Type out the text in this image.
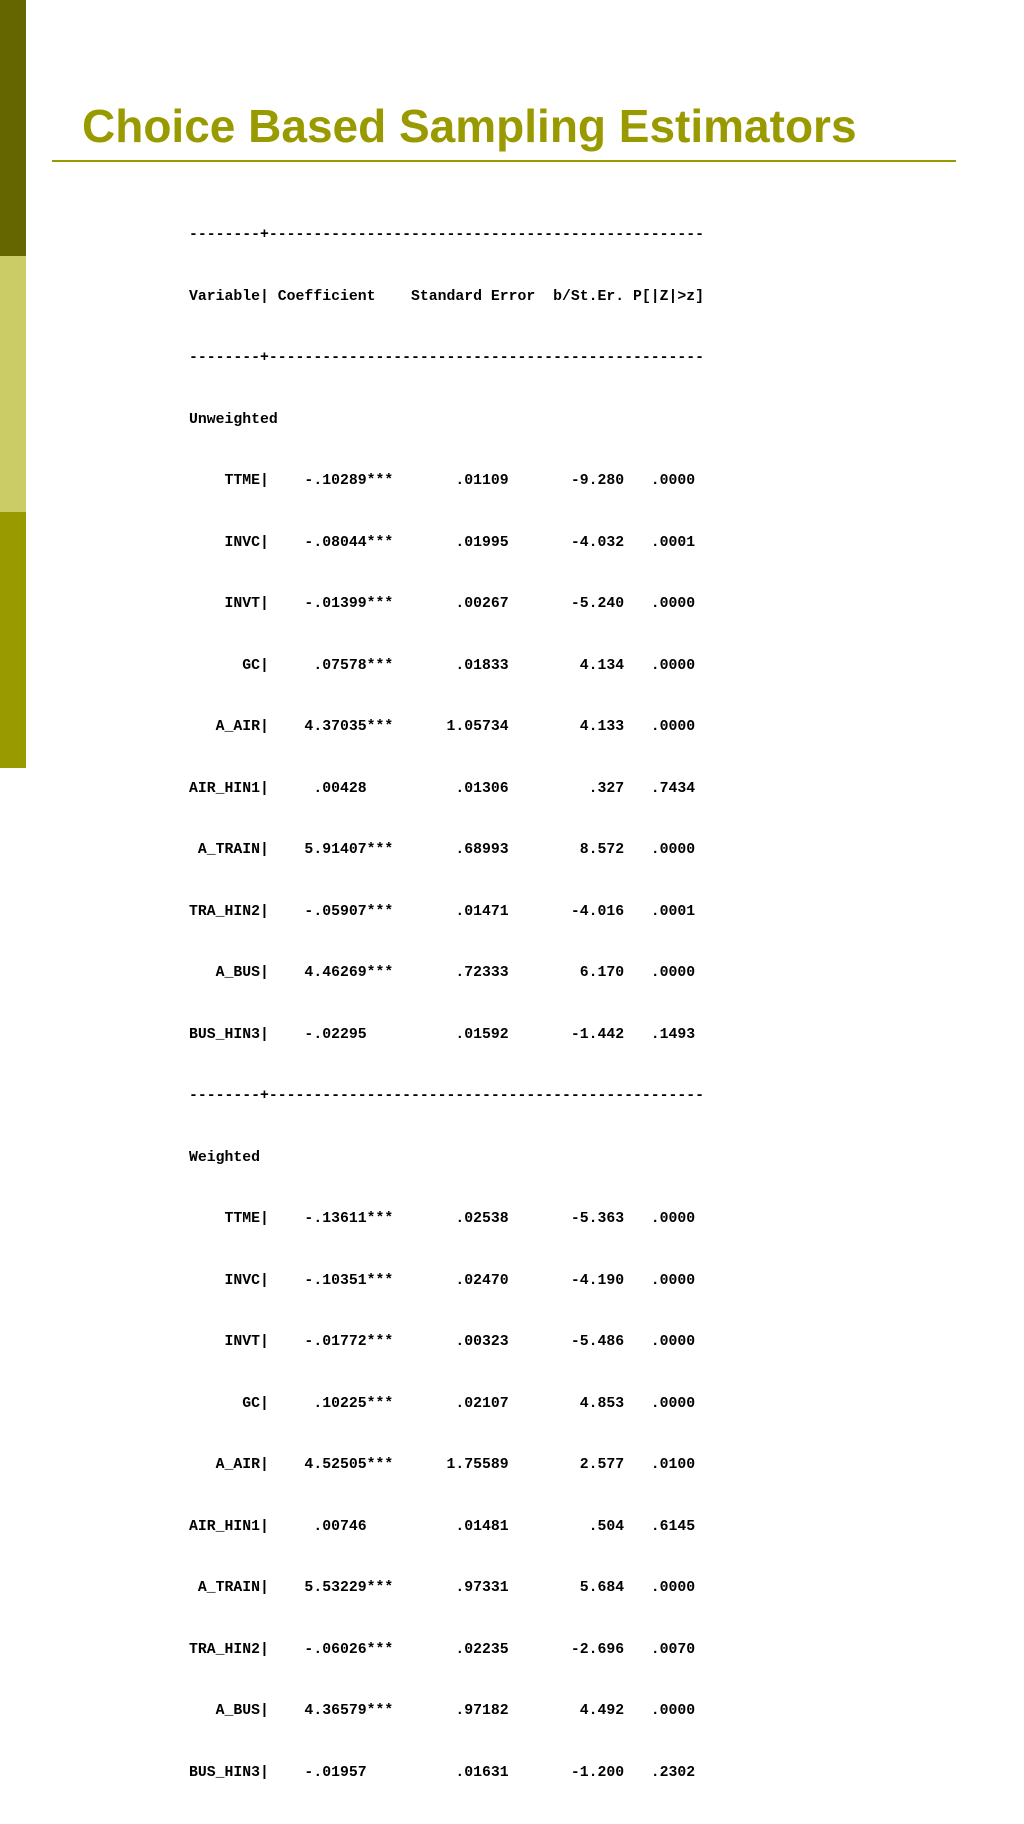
Choice Based Sampling Estimators

--------+-------------------------------------------------

Variable| Coefficient    Standard Error  b/St.Er. P[|Z|>z]

--------+-------------------------------------------------

Unweighted

TTME|    -.10289***       .01109       -9.280   .0000

INVC|    -.08044***       .01995       -4.032   .0001

INVT|    -.01399***       .00267       -5.240   .0000

GC|     .07578***       .01833        4.134   .0000

A_AIR|    4.37035***      1.05734        4.133   .0000

AIR_HIN1|     .00428          .01306         .327   .7434

A_TRAIN|    5.91407***       .68993        8.572   .0000

TRA_HIN2|    -.05907***       .01471       -4.016   .0001

A_BUS|    4.46269***       .72333        6.170   .0000

BUS_HIN3|    -.02295          .01592       -1.442   .1493

--------+-------------------------------------------------

Weighted

TTME|    -.13611***       .02538       -5.363   .0000

INVC|    -.10351***       .02470       -4.190   .0000

INVT|    -.01772***       .00323       -5.486   .0000

GC|     .10225***       .02107        4.853   .0000

A_AIR|    4.52505***      1.75589        2.577   .0100

AIR_HIN1|     .00746          .01481         .504   .6145

A_TRAIN|    5.53229***       .97331        5.684   .0000

TRA_HIN2|    -.06026***       .02235       -2.696   .0070

A_BUS|    4.36579***       .97182        4.492   .0000

BUS_HIN3|    -.01957          .01631       -1.200   .2302
